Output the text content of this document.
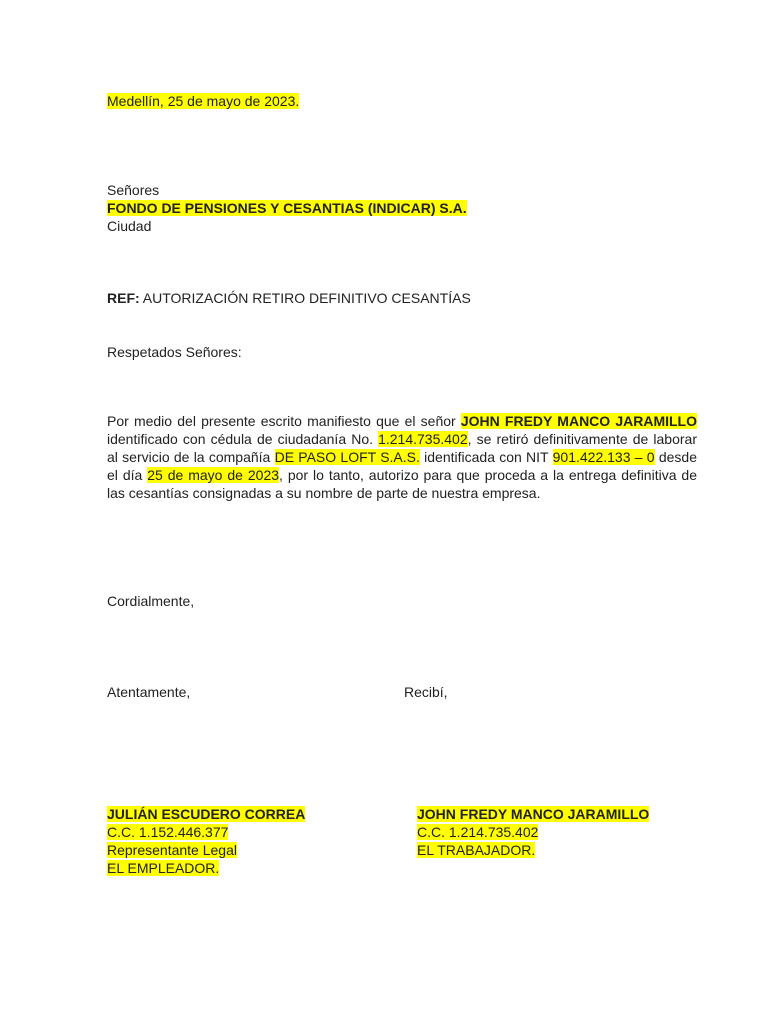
Medellín, 25 de mayo de 2023.
Señores
FONDO DE PENSIONES Y CESANTIAS (INDICAR) S.A.
Ciudad
REF: AUTORIZACIÓN RETIRO DEFINITIVO CESANTÍAS
Respetados Señores:
Por medio del presente escrito manifiesto que el señor JOHN FREDY MANCO JARAMILLO identificado con cédula de ciudadanía No. 1.214.735.402, se retiró definitivamente de laborar al servicio de la compañía DE PASO LOFT S.A.S. identificada con NIT 901.422.133 – 0 desde el día 25 de mayo de 2023, por lo tanto, autorizo para que proceda a la entrega definitiva de las cesantías consignadas a su nombre de parte de nuestra empresa.
Cordialmente,
Atentamente,	Recibí,
JULIÁN ESCUDERO CORREA
C.C. 1.152.446.377
Representante Legal
EL EMPLEADOR.
JOHN FREDY MANCO JARAMILLO
C.C. 1.214.735.402
EL TRABAJADOR.
